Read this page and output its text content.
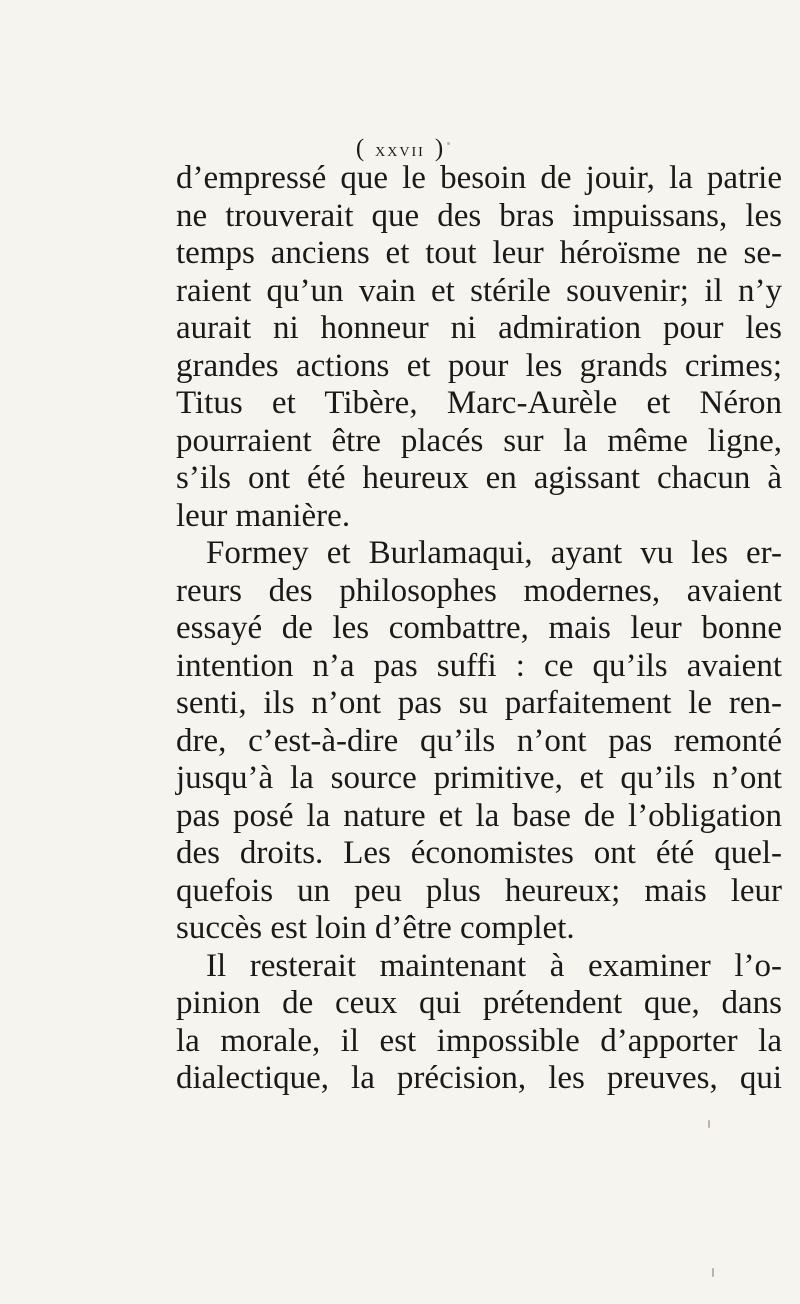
( xxvii )
d’empressé que le besoin de jouir, la patrie
ne trouverait que des bras impuissans, les
temps anciens et tout leur héroïsme ne se-
raient qu’un vain et stérile souvenir; il n’y
aurait ni honneur ni admiration pour les
grandes actions et pour les grands crimes;
Titus et Tibère, Marc-Aurèle et Néron
pourraient être placés sur la même ligne,
s’ils ont été heureux en agissant chacun à
leur manière.
Formey et Burlamaqui, ayant vu les er-
reurs des philosophes modernes, avaient
essayé de les combattre, mais leur bonne
intention n’a pas suffi : ce qu’ils avaient
senti, ils n’ont pas su parfaitement le ren-
dre, c’est-à-dire qu’ils n’ont pas remonté
jusqu’à la source primitive, et qu’ils n’ont
pas posé la nature et la base de l’obligation
des droits. Les économistes ont été quel-
quefois un peu plus heureux; mais leur
succès est loin d’être complet.
Il resterait maintenant à examiner l’o-
pinion de ceux qui prétendent que, dans
la morale, il est impossible d’apporter la
dialectique, la précision, les preuves, qui
